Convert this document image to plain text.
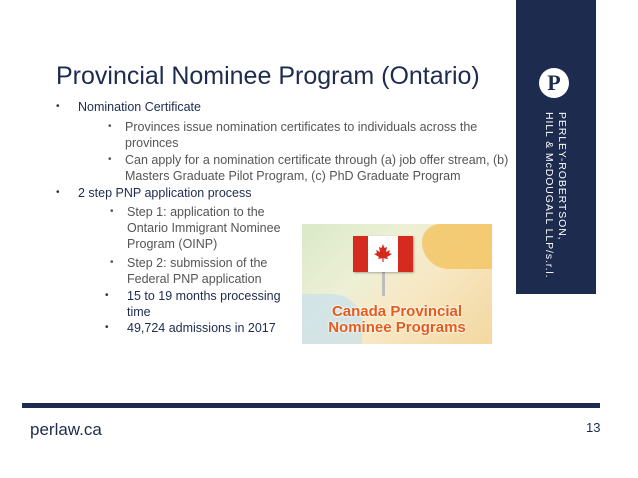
P
PERLEY-ROBERTSON,
HILL & McDOUGALL LLP/s.r.l.
Provincial Nominee Program (Ontario)
• Nomination Certificate
• Provinces issue nomination certificates to individuals across the
provinces
• Can apply for a nomination certificate through (a) job offer stream, (b)
Masters Graduate Pilot Program, (c) PhD Graduate Program
• 2 step PNP application process
• Step 1: application to the
Ontario Immigrant Nominee
Program (OINP)
• Step 2: submission of the
Federal PNP application
• 15 to 19 months processing
time
• 49,724 admissions in 2017
Canada Provincial
Nominee Programs
perlaw.ca	13
